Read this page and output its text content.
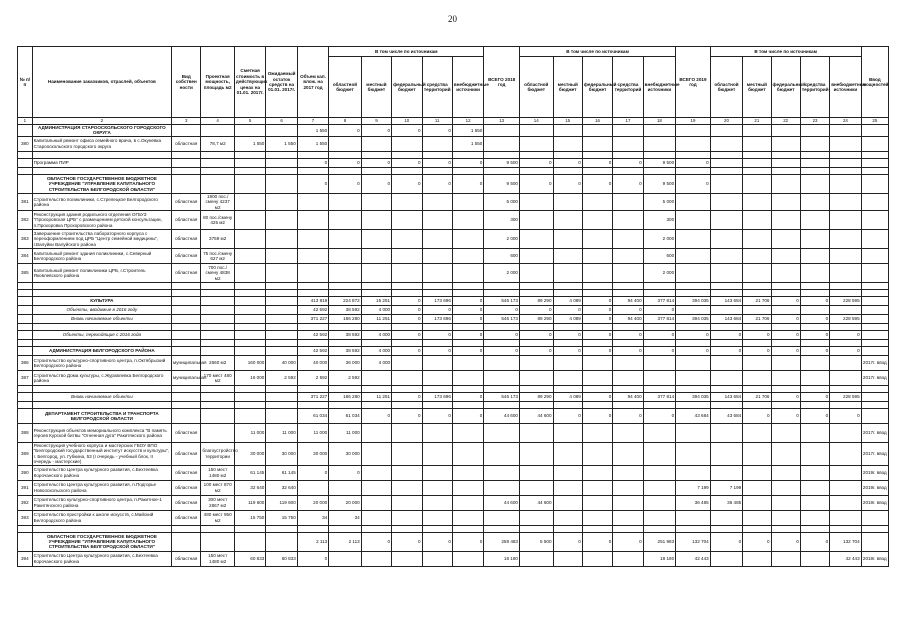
20
№ п/п	Наименование заказчиков, отраслей, объектов	Вид собствен ности	Проектная мощность, площадь м2	Сметная стоимость в действующих ценах на 01.01. 2017г.	Ожидаемый остаток средств на 01.01. 2017г.	Объем кап. влож. на 2017 год	В том числе по источникам					ВСЕГО 2018 год	В том числе по источникам					ВСЕГО 2019 год	В том числе по источникам					Ввод мощностей
							областной бюджет	местный бюджет	федеральный бюджет	средства территорий	внебюджетные источники		областной бюджет	местный бюджет	федеральный бюджет	средства территорий	внебюджетные источники		областной бюджет	местный бюджет	федеральный бюджет	средства территорий	внебюджетные источники	
1	2	3	4	5	6	7	8	9	10	11	12	13	14	15	16	17	18	19	20	21	22	23	24	25
	АДМИНИСТРАЦИЯ СТАРООСКОЛЬСКОГО ГОРОДСКОГО ОКРУГА					1 550	0	0	0	0	1 550													
380	Капитальный ремонт офиса семейного врача, в с.Окуневка Старооскольского городского округа	областная	78,7 м2	1 550	1 550	1 550					1 550													

	Программа ПИР					0	0	0	0	0	0	9 500	0	0	0	0	9 500	0						

	ОБЛАСТНОЕ ГОСУДАРСТВЕННОЕ БЮДЖЕТНОЕ УЧРЕЖДЕНИЕ "УПРАВЛЕНИЕ КАПИТАЛЬНОГО СТРОИТЕЛЬСТВА БЕЛГОРОДСКОЙ ОБЛАСТИ"					0	0	0	0	0	0	9 500	0	0	0	0	9 500	0						
381	Строительство поликлиники, с.Стрелецкое Белгородского района	областная	1900 пос./смену 4237 м2									5 000					5 000							
382	Реконструкция здания родильного отделения ОГБУЗ "Прохоровская ЦРБ" с размещением детской консультации, п.Прохоровка Прохоровского района	областная	80 пос./смену 425 м2									300					300							
383	Завершение строительства лабораторного корпуса с переоформлением под ЦРБ "Центр семейной медицины", г.Валуйки Валуйского района	областная	3759 м2									2 000					2 000							
384	Капитальный ремонт здания поликлиники, с.Северный Белгородского района	областная	75 пос./смену 627 м2									600					600							
385	Капитальный ремонт поликлиники ЦРБ, г.Строитель Яковлевского района	областная	700 пос./смену 4838 м2									2 000					2 000							

	КУЛЬТУРА					413 819	224 872	15 251	0	173 696	0	546 173	89 290	4 089	0	94 400	377 814	394 035	143 684	21 706	0	0	228 595	
	Объекты, вводимые в 2016 году					42 592	38 592	4 000	0	0	0	0	0	0	0	0	0							
	Вновь начинаемые объекты					371 227	186 280	11 251	0	173 696	0	546 173	89 290	4 089	0	94 400	377 814	394 035	143 684	21 706	0	0	228 595	

	Объекты, переходящие с 2016 года					42 592	38 592	4 000	0	0	0	0	0	0	0	0	0	0	0	0	0	0	0	

	АДМИНИСТРАЦИЯ БЕЛГОРОДСКОГО РАЙОНА					42 592	38 592	4 000	0	0	0	0	0	0	0	0	0	0	0	0	0	0	0	
386	Строительство культурно-спортивного центра, п.Октябрьский Белгородского района	муниципальная	2660 м2	160 000	40 000	40 000	36 000	4 000																2017г. ввод
387	Строительство Дома культуры, с.Журавлевка Белгородского района	муниципальная	170 мест 480 м2	16 000	2 592	2 592	2 592																	2017г. ввод

	Вновь начинаемые объекты					371 227	186 280	11 251	0	173 696	0	546 173	89 290	4 089	0	94 400	377 814	394 035	143 684	21 706	0	0	228 595	

	ДЕПАРТАМЕНТ СТРОИТЕЛЬСТВА И ТРАНСПОРТА БЕЛГОРОДСКОЙ ОБЛАСТИ					61 034	61 034	0	0	0	0	44 600	44 600	0	0	0	0	43 684	43 684	0	0	0	0	
388	Реконструкция объектов мемориального комплекса "В память героев Курской битвы "Огненная дуга" Ракитянского района	областная		11 000	11 000	11 000	11 000																	2017г. ввод
389	Реконструкция учебного корпуса и мастерских ГБОУ ВПО "Белгородский государственный институт искусств и культуры", г. Белгород, ул. Губкина, 53 (I очередь - учебный блок, II очередь - мастерские)	областная	благоустройство территории	30 000	30 000	30 000	30 000																	2017г. ввод
390	Строительство Центра культурного развития, с.Бехтеевка Корочанского района	областная	150 мест 1480 м2	61 145	61 145	0	0																	2019г. ввод
391	Строительство Центра культурного развития, п.Подгорье Новооскольского района	областная	100 мест 870 м2	32 640	32 640													7 199	7 199					2019г. ввод
392	Строительство культурно-спортивного центра, п.Ракитное-1 Ракитянского района	областная	300 мест 2867 м2	119 600	119 600	20 000	20 000					44 600	44 600					36 485	36 485					2019г. ввод
393	Строительство пристройки к школе искусств, с.Майский Белгородского района	областная	480 мест 950 м2	15 750	15 750	34	34																	

	ОБЛАСТНОЕ ГОСУДАРСТВЕННОЕ БЮДЖЕТНОЕ УЧРЕЖДЕНИЕ "УПРАВЛЕНИЕ КАПИТАЛЬНОГО СТРОИТЕЛЬСТВА БЕЛГОРОДСКОЙ ОБЛАСТИ"					2 113	2 113	0	0	0	0	259 483	5 500	0	0	0	251 983	132 704	0	0	0	0	132 704	
394	Строительство Центра культурного развития, с.Бехтеевка Корочанского района	областная	150 мест 1480 м2	60 833	60 833	0						18 180					18 180	42 443					42 443	2019г. ввод
